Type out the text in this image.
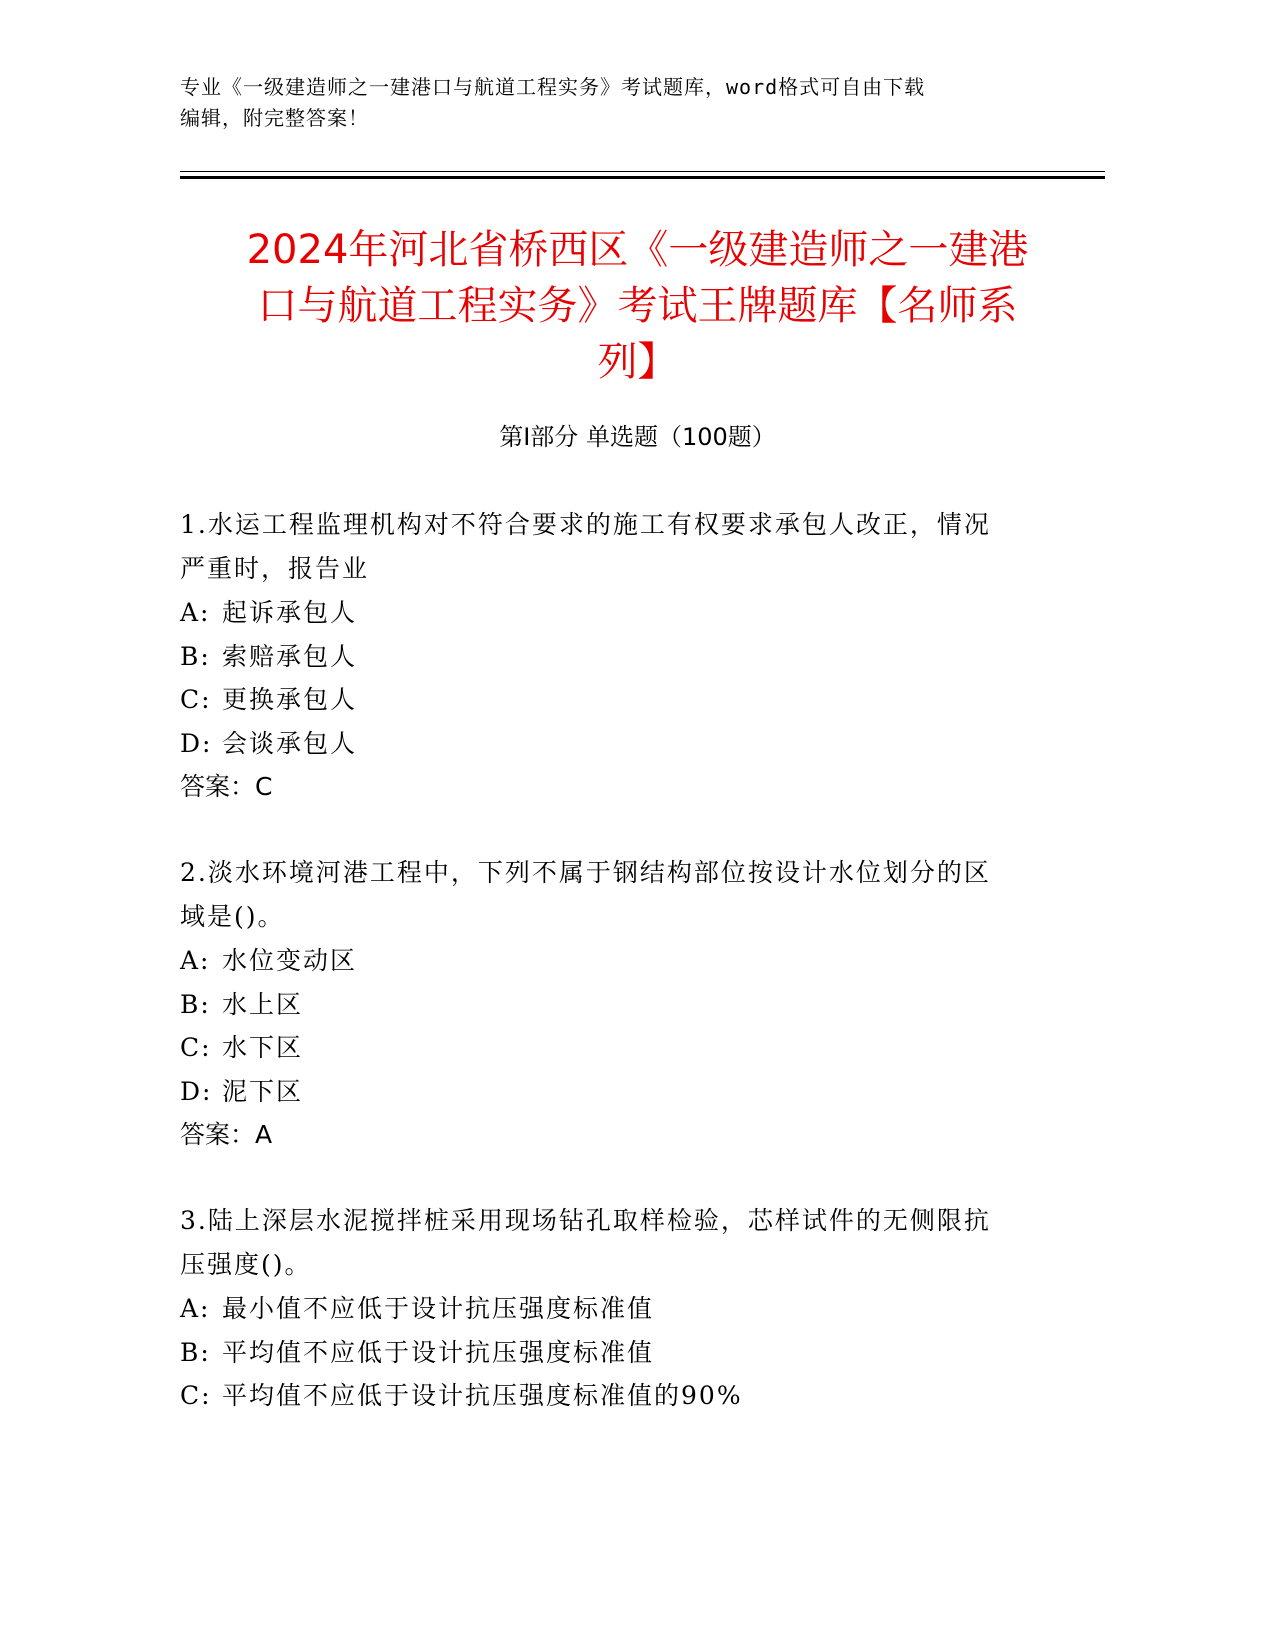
专业《一级建造师之一建港口与航道工程实务》考试题库，word格式可自由下载
编辑，附完整答案！
2024年河北省桥西区《一级建造师之一建港
口与航道工程实务》考试王牌题库【名师系
列】
第Ⅰ部分 单选题（100题）

1.水运工程监理机构对不符合要求的施工有权要求承包人改正，情况

严重时，报告业

A: 起诉承包人

B: 索赔承包人

C: 更换承包人

D: 会谈承包人

答案：C

2.淡水环境河港工程中，下列不属于钢结构部位按设计水位划分的区

域是()。

A: 水位变动区

B: 水上区

C: 水下区

D: 泥下区

答案：A

3.陆上深层水泥搅拌桩采用现场钻孔取样检验，芯样试件的无侧限抗

压强度()。

A: 最小值不应低于设计抗压强度标准值

B: 平均值不应低于设计抗压强度标准值

C: 平均值不应低于设计抗压强度标准值的90%
